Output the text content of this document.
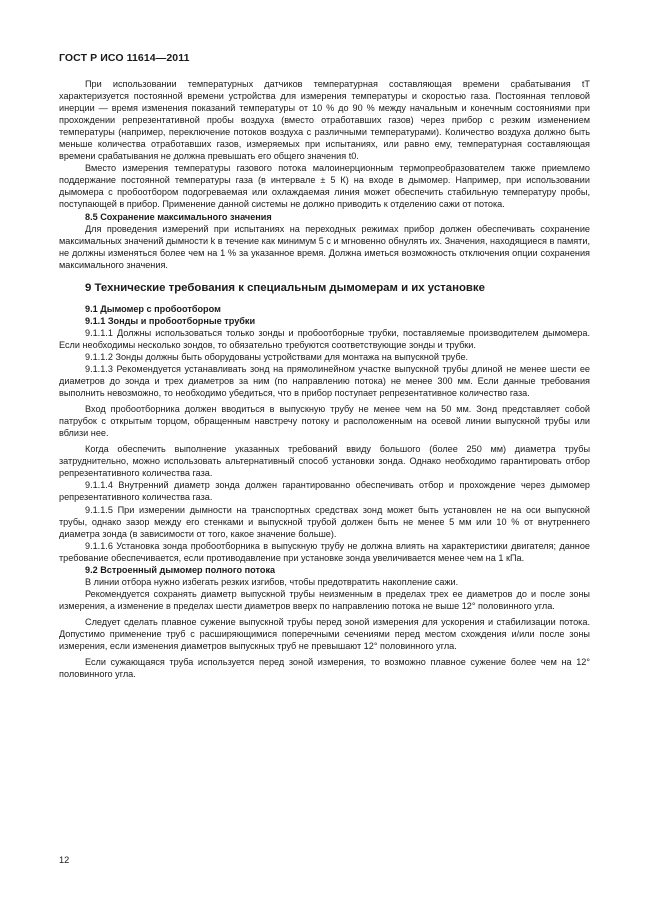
ГОСТ Р ИСО 11614—2011

При использовании температурных датчиков температурная составляющая времени срабатывания tT характеризуется постоянной времени устройства для измерения температуры и скоростью газа. Постоянная тепловой инерции — время изменения показаний температуры от 10 % до 90 % между начальным и конечным состояниями при прохождении репрезентативной пробы воздуха (вместо отработавших газов) через прибор с резким изменением температуры (например, переключение потоков воздуха с различными температурами). Количество воздуха должно быть меньше количества отработавших газов, измеряемых при испытаниях, или равно ему, температурная составляющая времени срабатывания не должна превышать его общего значения t0.

Вместо измерения температуры газового потока малоинерционным термопреобразователем также приемлемо поддержание постоянной температуры газа (в интервале ± 5 К) на входе в дымомер. Например, при использовании дымомера с пробоотбором подогреваемая или охлаждаемая линия может обеспечить стабильную температуру пробы, поступающей в прибор. Применение данной системы не должно приводить к отделению сажи от потока.

8.5 Сохранение максимального значения

Для проведения измерений при испытаниях на переходных режимах прибор должен обеспечивать сохранение максимальных значений дымности k в течение как минимум 5 с и мгновенно обнулять их. Значения, находящиеся в памяти, не должны изменяться более чем на 1 % за указанное время. Должна иметься возможность отключения опции сохранения максимального значения.

9 Технические требования к специальным дымомерам и их установке

9.1 Дымомер с пробоотбором

9.1.1 Зонды и пробоотборные трубки

9.1.1.1 Должны использоваться только зонды и пробоотборные трубки, поставляемые производителем дымомера. Если необходимы несколько зондов, то обязательно требуются соответствующие зонды и трубки.

9.1.1.2 Зонды должны быть оборудованы устройствами для монтажа на выпускной трубе.

9.1.1.3 Рекомендуется устанавливать зонд на прямолинейном участке выпускной трубы длиной не менее шести ее диаметров до зонда и трех диаметров за ним (по направлению потока) не менее 300 мм. Если данные требования выполнить невозможно, то необходимо убедиться, что в прибор поступает репрезентативное количество газа.

Вход пробоотборника должен вводиться в выпускную трубу не менее чем на 50 мм. Зонд представляет собой патрубок с открытым торцом, обращенным навстречу потоку и расположенным на осевой линии выпускной трубы или вблизи нее.

Когда обеспечить выполнение указанных требований ввиду большого (более 250 мм) диаметра трубы затруднительно, можно использовать альтернативный способ установки зонда. Однако необходимо гарантировать отбор репрезентативного количества газа.

9.1.1.4 Внутренний диаметр зонда должен гарантированно обеспечивать отбор и прохождение через дымомер репрезентативного количества газа.

9.1.1.5 При измерении дымности на транспортных средствах зонд может быть установлен не на оси выпускной трубы, однако зазор между его стенками и выпускной трубой должен быть не менее 5 мм или 10 % от внутреннего диаметра зонда (в зависимости от того, какое значение больше).

9.1.1.6 Установка зонда пробоотборника в выпускную трубу не должна влиять на характеристики двигателя; данное требование обеспечивается, если противодавление при установке зонда увеличивается менее чем на 1 кПа.

9.2 Встроенный дымомер полного потока

В линии отбора нужно избегать резких изгибов, чтобы предотвратить накопление сажи.

Рекомендуется сохранять диаметр выпускной трубы неизменным в пределах трех ее диаметров до и после зоны измерения, а изменение в пределах шести диаметров вверх по направлению потока не выше 12° половинного угла.

Следует сделать плавное сужение выпускной трубы перед зоной измерения для ускорения и стабилизации потока. Допустимо применение труб с расширяющимися поперечными сечениями перед местом схождения и/или после зоны измерения, если изменения диаметров выпускных труб не превышают 12° половинного угла.

Если сужающаяся труба используется перед зоной измерения, то возможно плавное сужение более чем на 12° половинного угла.

12
